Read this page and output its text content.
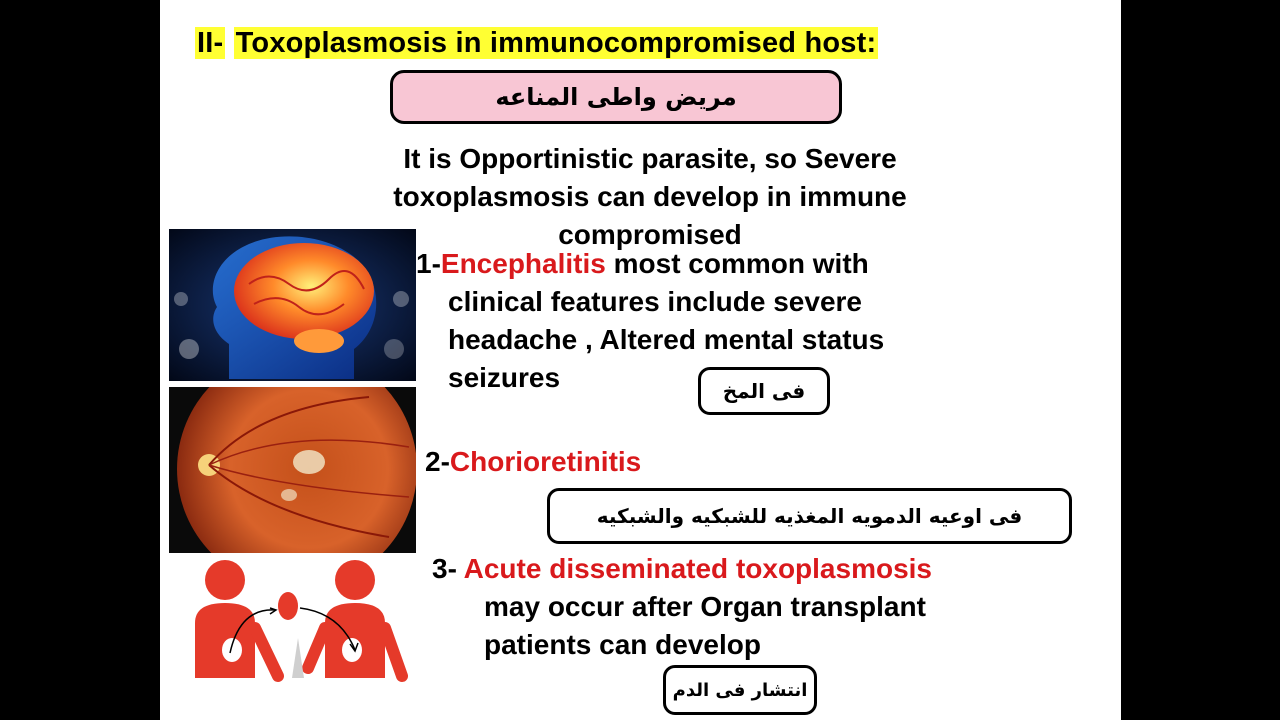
II- Toxoplasmosis in immunocompromised host:
مريض واطى المناعه
It is Opportinistic parasite, so Severe
toxoplasmosis can develop in immune
compromised
1-Encephalitis most common with
clinical features include severe
headache , Altered mental status
seizures	فى المخ
2-Chorioretinitis
فى اوعيه الدمويه المغذيه للشبكيه والشبكيه
3- Acute disseminated toxoplasmosis
may occur after Organ transplant
patients can develop
انتشار فى الدم
